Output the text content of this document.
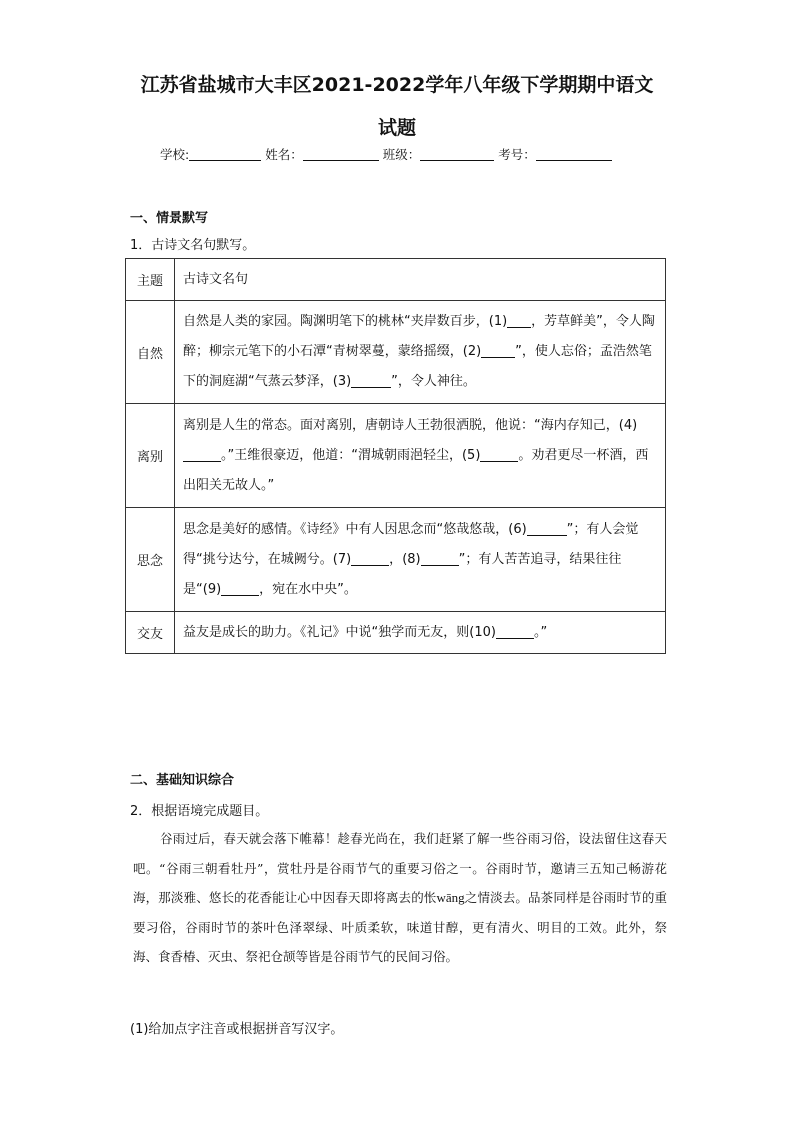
江苏省盐城市大丰区2021-2022学年八年级下学期期中语文
试题
学校:	姓名：	班级：	考号：
一、情景默写
1．古诗文名句默写。
主题	古诗文名句
自然	自然是人类的家园。陶渊明笔下的桃林“夹岸数百步，(1) ，芳草鲜美”，令人陶醉；柳宗元笔下的小石潭“青树翠蔓，蒙络摇缀，(2) ”，使人忘俗；孟浩然笔下的洞庭湖“气蒸云梦泽，(3) ”，令人神往。
离别	离别是人生的常态。面对离别，唐朝诗人王勃很洒脱，他说：“海内存知己，(4)。”王维很豪迈，他道：“渭城朝雨浥轻尘，(5) 。劝君更尽一杯酒，西出阳关无故人。”
思念	思念是美好的感情。《诗经》中有人因思念而“悠哉悠哉，(6) ”；有人会觉得“挑兮达兮，在城阙兮。(7) ，(8) ”；有人苦苦追寻，结果往往是“(9) ，宛在水中央”。
交友	益友是成长的助力。《礼记》中说“独学而无友，则(10) 。”
二、基础知识综合
2．根据语境完成题目。
谷雨过后，春天就会落下帷幕！趁春光尚在，我们赶紧了解一些谷雨习俗，设法留住这春天吧。“谷雨三朝看牡丹”，赏牡丹是谷雨节气的重要习俗之一。谷雨时节，邀请三五知己畅游花海，那淡雅、悠长的花香能让心中因春天即将离去的怅wāng之情淡去。品茶同样是谷雨时节的重要习俗，谷雨时节的茶叶色泽翠绿、叶质柔软，味道甘醇，更有清火、明目的工效。此外，祭海、食香椿、灭虫、祭祀仓颉等皆是谷雨节气的民间习俗。
(1)给加点字注音或根据拼音写汉字。
